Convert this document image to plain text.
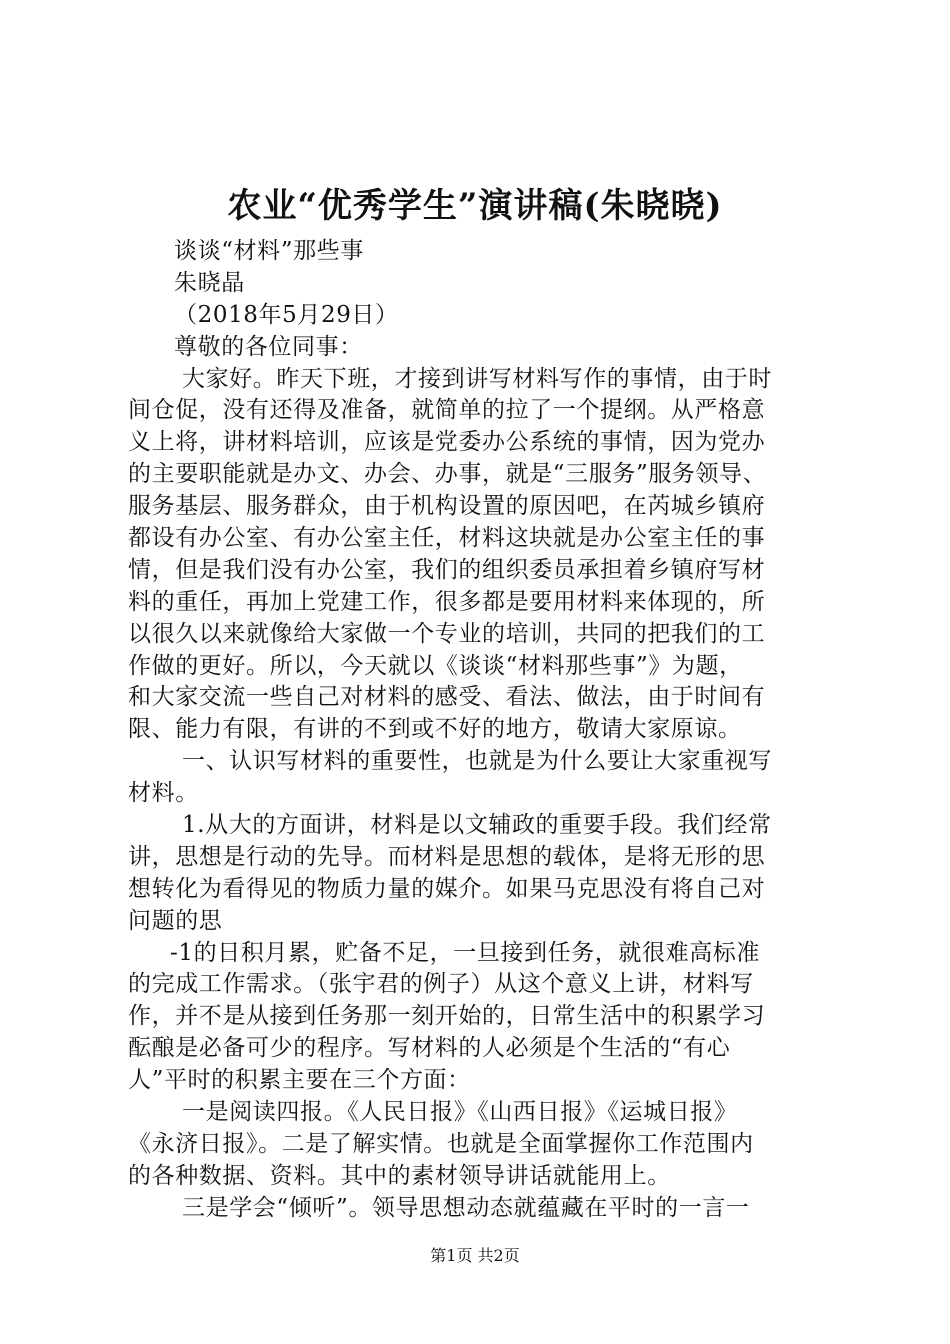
农业“优秀学生”演讲稿(朱晓晓)
谈谈“材料”那些事
朱晓晶
（2018年5月29日）
尊敬的各位同事：
大家好。昨天下班，才接到讲写材料写作的事情，由于时
间仓促，没有还得及准备，就简单的拉了一个提纲。从严格意
义上将，讲材料培训，应该是党委办公系统的事情，因为党办
的主要职能就是办文、办会、办事，就是“三服务”服务领导、
服务基层、服务群众，由于机构设置的原因吧，在芮城乡镇府
都设有办公室、有办公室主任，材料这块就是办公室主任的事
情，但是我们没有办公室，我们的组织委员承担着乡镇府写材
料的重任，再加上党建工作，很多都是要用材料来体现的，所
以很久以来就像给大家做一个专业的培训，共同的把我们的工
作做的更好。所以，今天就以《谈谈“材料那些事”》为题，
和大家交流一些自己对材料的感受、看法、做法，由于时间有
限、能力有限，有讲的不到或不好的地方，敬请大家原谅。
一、认识写材料的重要性，也就是为什么要让大家重视写
材料。
1.从大的方面讲，材料是以文辅政的重要手段。我们经常
讲，思想是行动的先导。而材料是思想的载体，是将无形的思
想转化为看得见的物质力量的媒介。如果马克思没有将自己对
问题的思
-1的日积月累，贮备不足，一旦接到任务，就很难高标准
的完成工作需求。（张宇君的例子）从这个意义上讲，材料写
作，并不是从接到任务那一刻开始的，日常生活中的积累学习
酝酿是必备可少的程序。写材料的人必须是个生活的“有心
人”平时的积累主要在三个方面：
一是阅读四报。《人民日报》《山西日报》《运城日报》
《永济日报》。二是了解实情。也就是全面掌握你工作范围内
的各种数据、资料。其中的素材领导讲话就能用上。
三是学会“倾听”。领导思想动态就蕴藏在平时的一言一
第1页 共2页
